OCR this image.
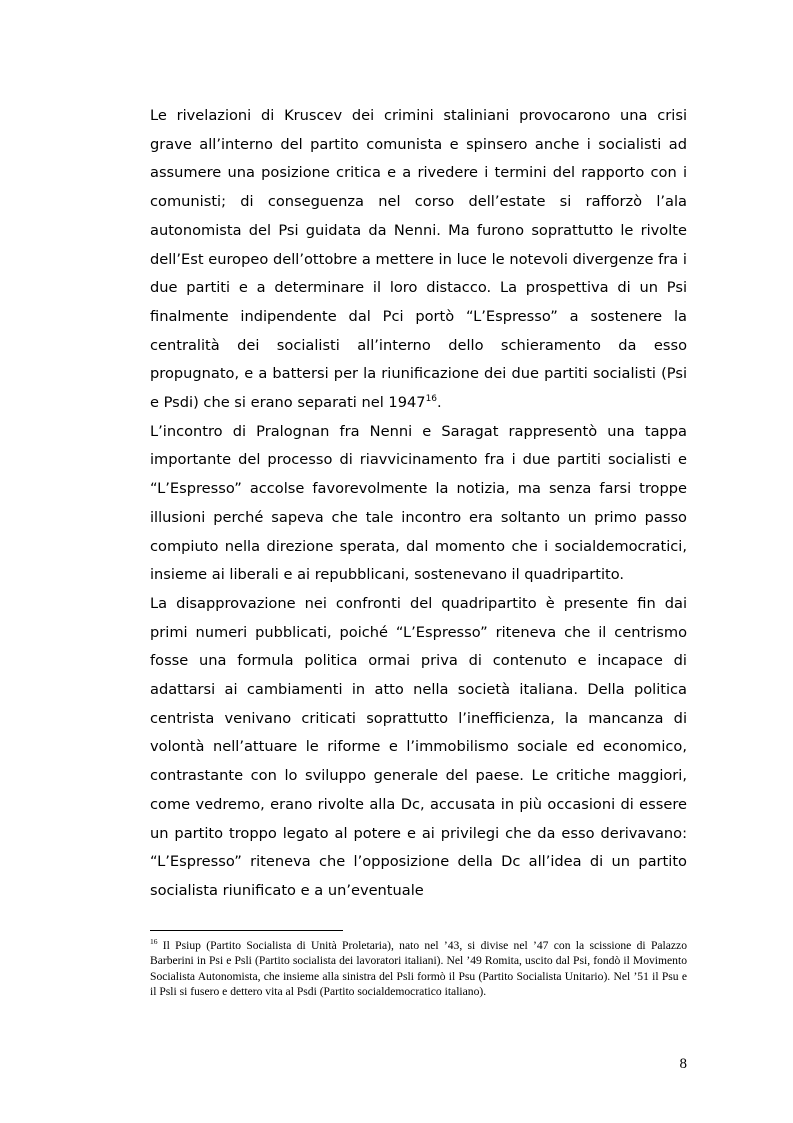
Le rivelazioni di Kruscev dei crimini staliniani provocarono una crisi grave all’interno del partito comunista e spinsero anche i socialisti ad assumere una posizione critica e a rivedere i termini del rapporto con i comunisti; di conseguenza nel corso dell’estate si rafforzò l’ala autonomista del Psi guidata da Nenni. Ma furono soprattutto le rivolte dell’Est europeo dell’ottobre a mettere in luce le notevoli divergenze fra i due partiti e a determinare il loro distacco. La prospettiva di un Psi finalmente indipendente dal Pci portò “L’Espresso” a sostenere la centralità dei socialisti all’interno dello schieramento da esso propugnato, e a battersi per la riunificazione dei due partiti socialisti (Psi e Psdi) che si erano separati nel 1947$^{16}$.

L’incontro di Pralognan fra Nenni e Saragat rappresentò una tappa importante del processo di riavvicinamento fra i due partiti socialisti e “L’Espresso” accolse favorevolmente la notizia, ma senza farsi troppe illusioni perché sapeva che tale incontro era soltanto un primo passo compiuto nella direzione sperata, dal momento che i socialdemocratici, insieme ai liberali e ai repubblicani, sostenevano il quadripartito.

La disapprovazione nei confronti del quadripartito è presente fin dai primi numeri pubblicati, poiché “L’Espresso” riteneva che il centrismo fosse una formula politica ormai priva di contenuto e incapace di adattarsi ai cambiamenti in atto nella società italiana. Della politica centrista venivano criticati soprattutto l’inefficienza, la mancanza di volontà nell’attuare le riforme e l’immobilismo sociale ed economico, contrastante con lo sviluppo generale del paese. Le critiche maggiori, come vedremo, erano rivolte alla Dc, accusata in più occasioni di essere un partito troppo legato al potere e ai privilegi che da esso derivavano: “L’Espresso” riteneva che l’opposizione della Dc all’idea di un partito socialista riunificato e a un’eventuale

$^{16}$ Il Psiup (Partito Socialista di Unità Proletaria), nato nel ’43, si divise nel ’47 con la scissione di Palazzo Barberini in Psi e Psli (Partito socialista dei lavoratori italiani). Nel ’49 Romita, uscito dal Psi, fondò il Movimento Socialista Autonomista, che insieme alla sinistra del Psli formò il Psu (Partito Socialista Unitario). Nel ’51 il Psu e il Psli si fusero e dettero vita al Psdi (Partito socialdemocratico italiano).
8
